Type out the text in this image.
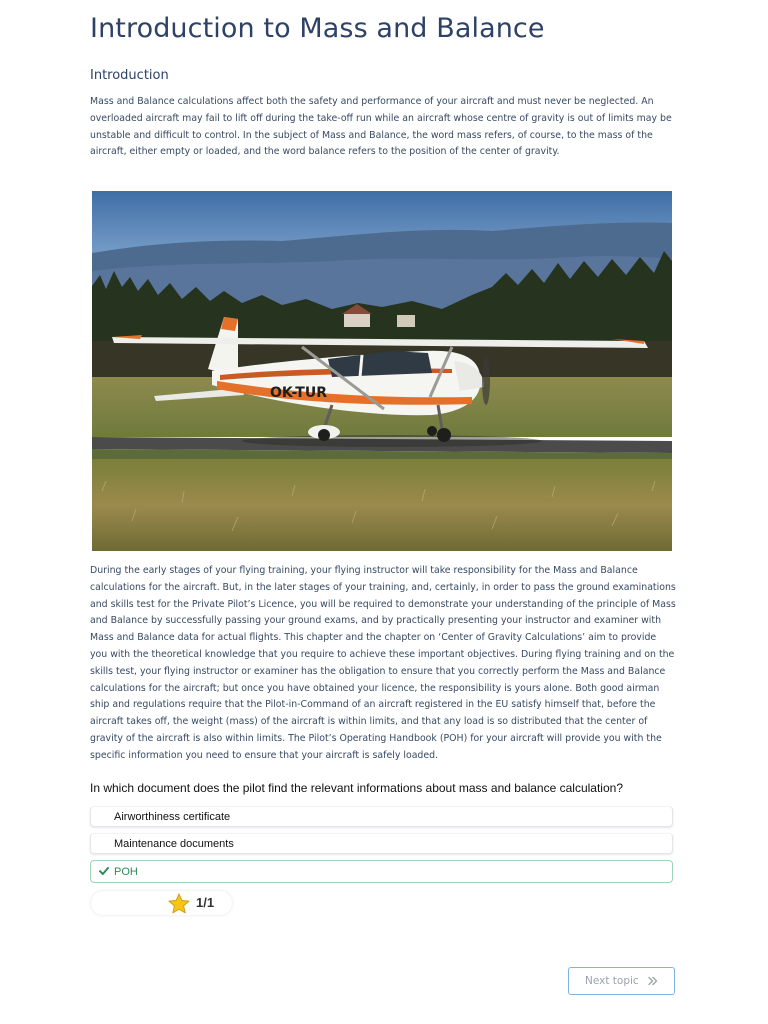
Introduction to Mass and Balance
Introduction

Mass and Balance calculations affect both the safety and performance of your aircraft and must never be neglected. An overloaded aircraft may fail to lift off during the take-off run while an aircraft whose centre of gravity is out of limits may be unstable and difficult to control. In the subject of Mass and Balance, the word mass refers, of course, to the mass of the aircraft, either empty or loaded, and the word balance refers to the position of the center of gravity.

OK-TUR

During the early stages of your flying training, your flying instructor will take responsibility for the Mass and Balance calculations for the aircraft. But, in the later stages of your training, and, certainly, in order to pass the ground examinations and skills test for the Private Pilot’s Licence, you will be required to demonstrate your understanding of the principle of Mass and Balance by successfully passing your ground exams, and by practically presenting your instructor and examiner with Mass and Balance data for actual flights. This chapter and the chapter on ‘Center of Gravity Calculations’ aim to provide you with the theoretical knowledge that you require to achieve these important objectives. During flying training and on the skills test, your flying instructor or examiner has the obligation to ensure that you correctly perform the Mass and Balance calculations for the aircraft; but once you have obtained your licence, the responsibility is yours alone. Both good airman ship and regulations require that the Pilot-in-Command of an aircraft registered in the EU satisfy himself that, before the aircraft takes off, the weight (mass) of the aircraft is within limits, and that any load is so distributed that the center of gravity of the aircraft is also within limits. The Pilot’s Operating Handbook (POH) for your aircraft will provide you with the specific information you need to ensure that your aircraft is safely loaded.

In which document does the pilot find the relevant informations about mass and balance calculation?

Airworthiness certificate
Maintenance documents
POH
1/1
Next topic
